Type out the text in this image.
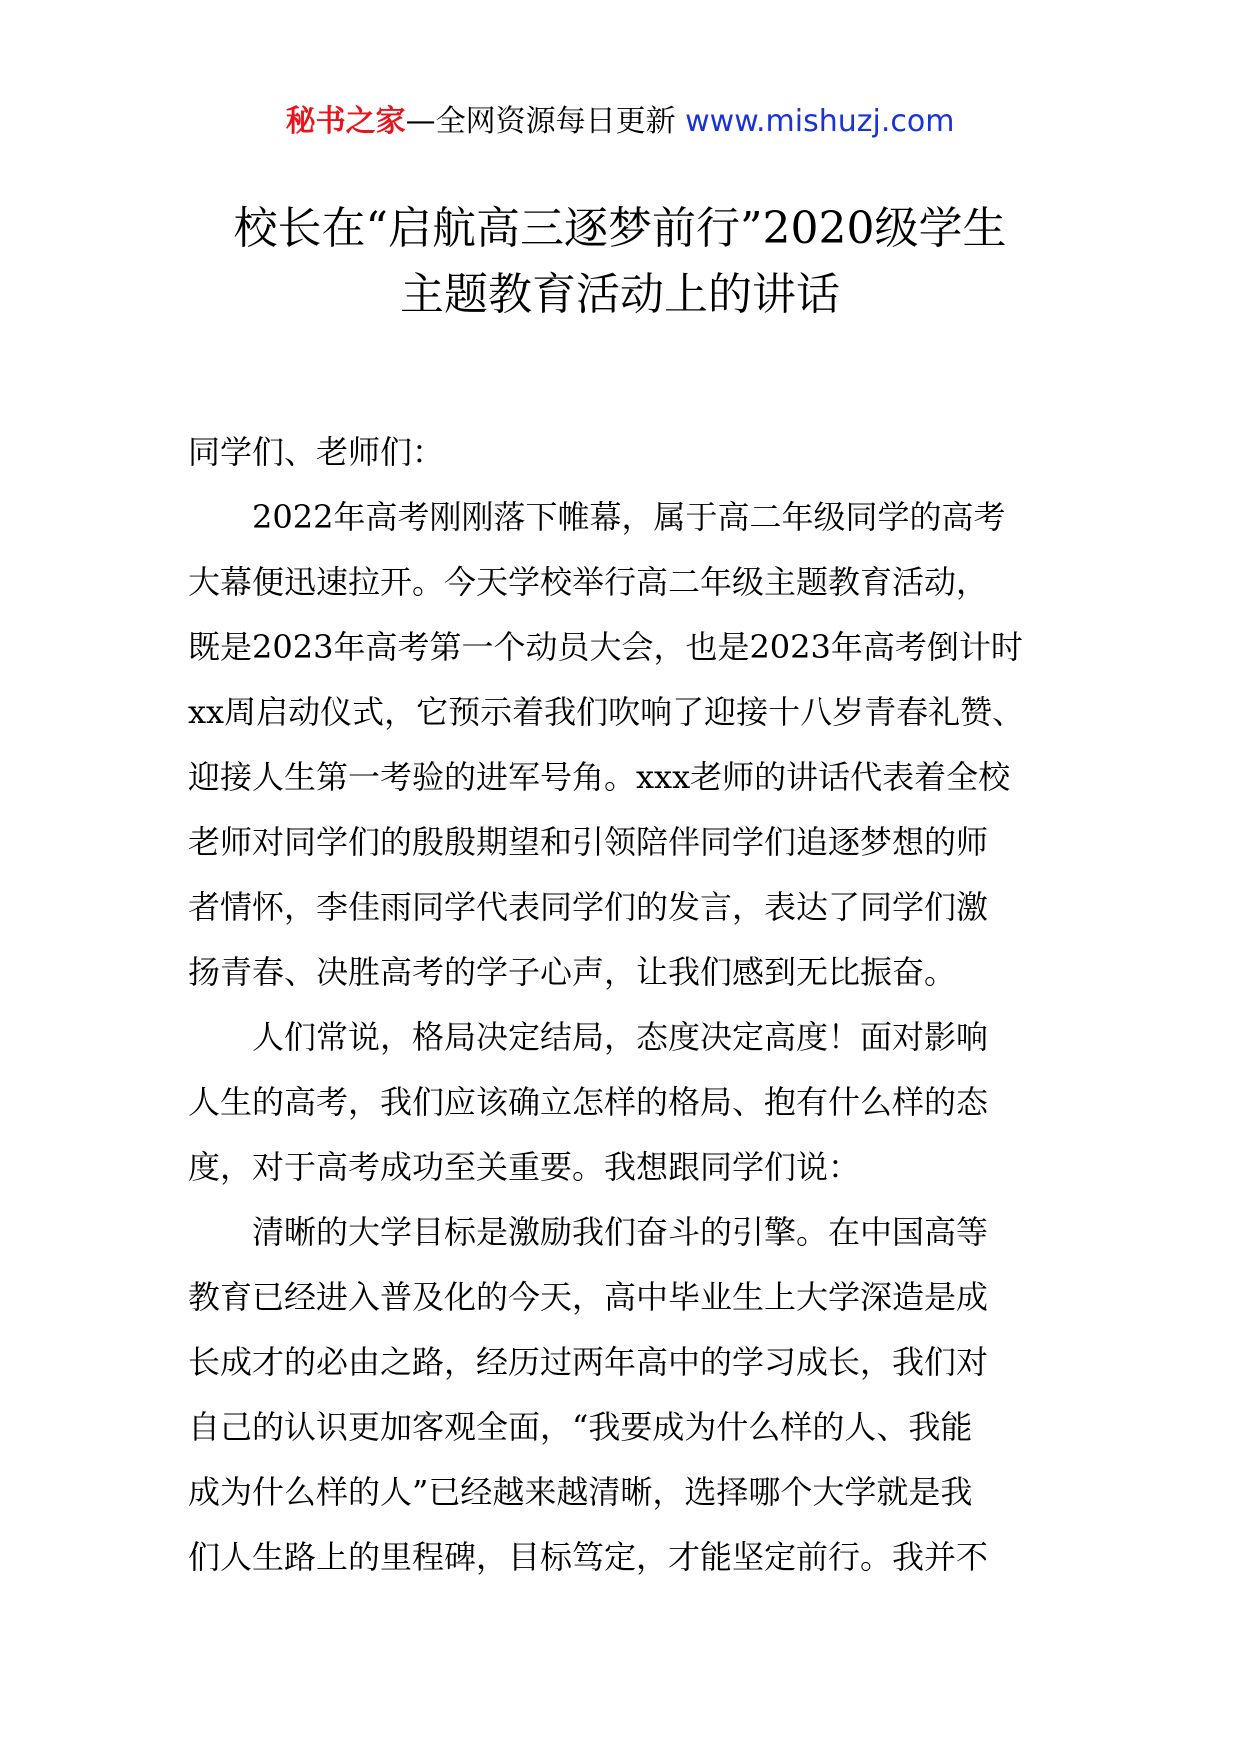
秘书之家—全网资源每日更新 www.mishuzj.com
校长在“启航高三逐梦前行”2020级学生
主题教育活动上的讲话
同学们、老师们：
2022年高考刚刚落下帷幕，属于高二年级同学的高考
大幕便迅速拉开。今天学校举行高二年级主题教育活动，
既是2023年高考第一个动员大会，也是2023年高考倒计时
xx周启动仪式，它预示着我们吹响了迎接十八岁青春礼赞、
迎接人生第一考验的进军号角。xxx老师的讲话代表着全校
老师对同学们的殷殷期望和引领陪伴同学们追逐梦想的师
者情怀，李佳雨同学代表同学们的发言，表达了同学们激
扬青春、决胜高考的学子心声，让我们感到无比振奋。
人们常说，格局决定结局，态度决定高度！面对影响
人生的高考，我们应该确立怎样的格局、抱有什么样的态
度，对于高考成功至关重要。我想跟同学们说：
清晰的大学目标是激励我们奋斗的引擎。在中国高等
教育已经进入普及化的今天，高中毕业生上大学深造是成
长成才的必由之路，经历过两年高中的学习成长，我们对
自己的认识更加客观全面，“我要成为什么样的人、我能
成为什么样的人”已经越来越清晰，选择哪个大学就是我
们人生路上的里程碑，目标笃定，才能坚定前行。我并不
